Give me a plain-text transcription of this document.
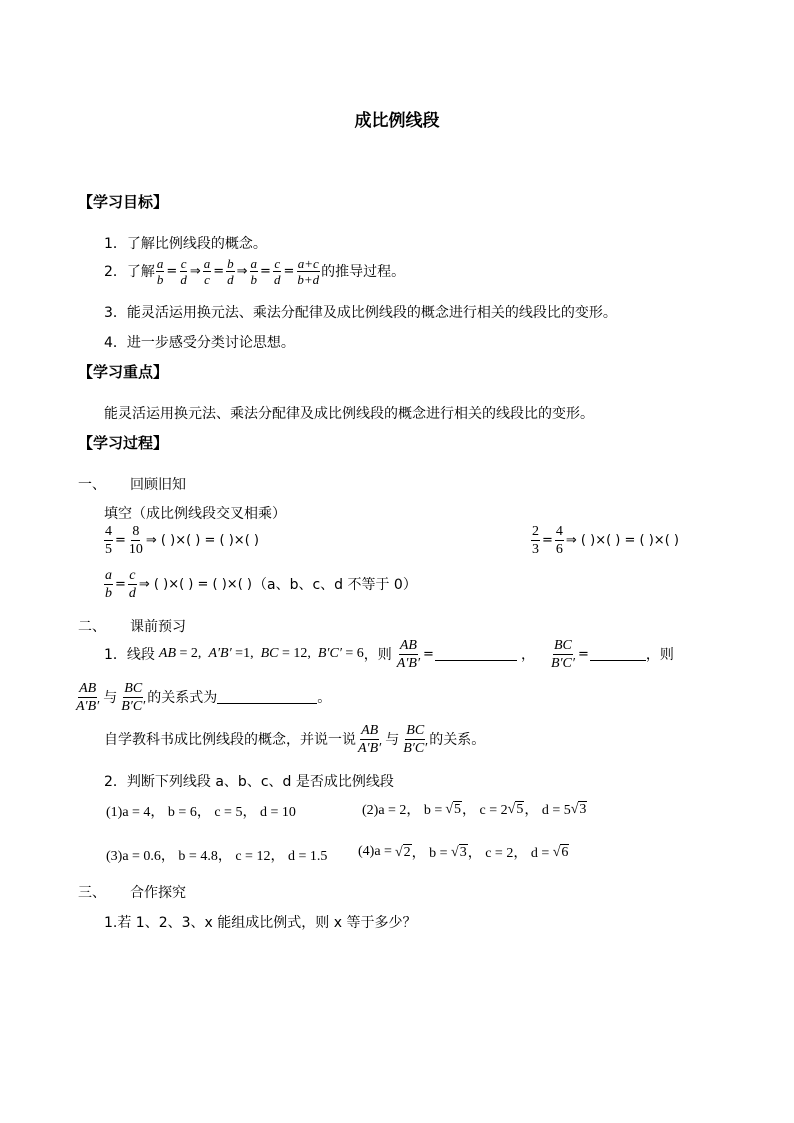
成比例线段
【学习目标】
1．了解比例线段的概念。
2．了解 $\frac{a}{b} = \frac{c}{d}$ ⇒ $\frac{a}{c} = \frac{b}{d}$ ⇒ $\frac{a}{b} = \frac{c}{d} = \frac{a+c}{b+d}$ 的推导过程。
3．能灵活运用换元法、乘法分配律及成比例线段的概念进行相关的线段比的变形。
4．进一步感受分类讨论思想。
【学习重点】
能灵活运用换元法、乘法分配律及成比例线段的概念进行相关的线段比的变形。
【学习过程】
一、 回顾旧知
填空（成比例线段交叉相乘）
$\frac{4}{5} = \frac{8}{10}$ ⇒ ( )×( ) = ( )×( )	$\frac{2}{3} = \frac{4}{6}$ ⇒ ( )×( ) = ( )×( )
$\frac{a}{b} = \frac{c}{d}$ ⇒ ( )×( ) = ( )×( ) （a、b、c、d 不等于 0）
二、 课前预习
1．线段 AB = 2, A′B′ =1, BC = 12, B′C′ = 6 ，则 $\frac{AB}{A'B'}$ =	， $\frac{BC}{B'C'}$ =	，则
$\frac{AB}{A'B'}$ 与 $\frac{BC}{B'C'}$ 的关系式为	。
自学教科书成比例线段的概念，并说一说 $\frac{AB}{A'B'}$ 与 $\frac{BC}{B'C'}$ 的关系。
2．判断下列线段 a、b、c、d 是否成比例线段
(1)a = 4， b = 6， c = 5， d = 10	(2)a = 2， b = √5 ， c = 2 √5 ， d = 5 √3
(3)a = 0.6， b = 4.8， c = 12， d = 1.5 (4)a = √2 ， b = √3 ， c = 2， d = √6
三、 合作探究
1.若 1、2、3、x 能组成比例式，则 x 等于多少？
